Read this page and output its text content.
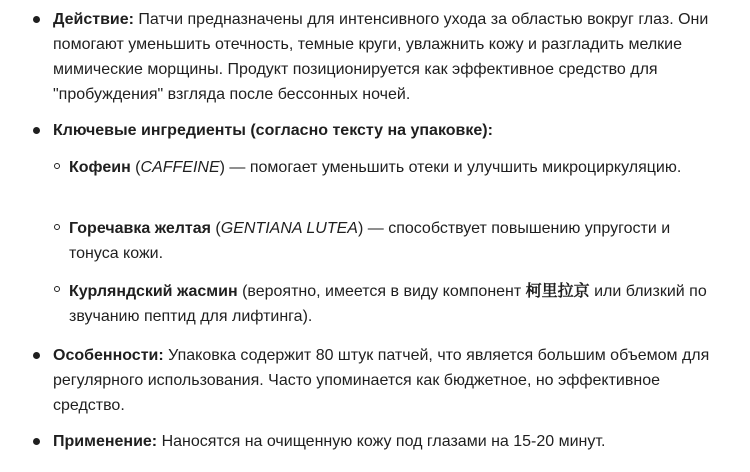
Действие: Патчи предназначены для интенсивного ухода за областью вокруг глаз. Они помогают уменьшить отечность, темные круги, увлажнить кожу и разгладить мелкие мимические морщины. Продукт позиционируется как эффективное средство для "пробуждения" взгляда после бессонных ночей.
Ключевые ингредиенты (согласно тексту на упаковке):
Кофеин (CAFFEINE) — помогает уменьшить отеки и улучшить микроциркуляцию.
Горечавка желтая (GENTIANA LUTEA) — способствует повышению упругости и тонуса кожи.
Курляндский жасмин (вероятно, имеется в виду компонент 柯里拉京 или близкий по звучанию пептид для лифтинга).
Особенности: Упаковка содержит 80 штук патчей, что является большим объемом для регулярного использования. Часто упоминается как бюджетное, но эффективное средство.
Применение: Наносятся на очищенную кожу под глазами на 15-20 минут.
